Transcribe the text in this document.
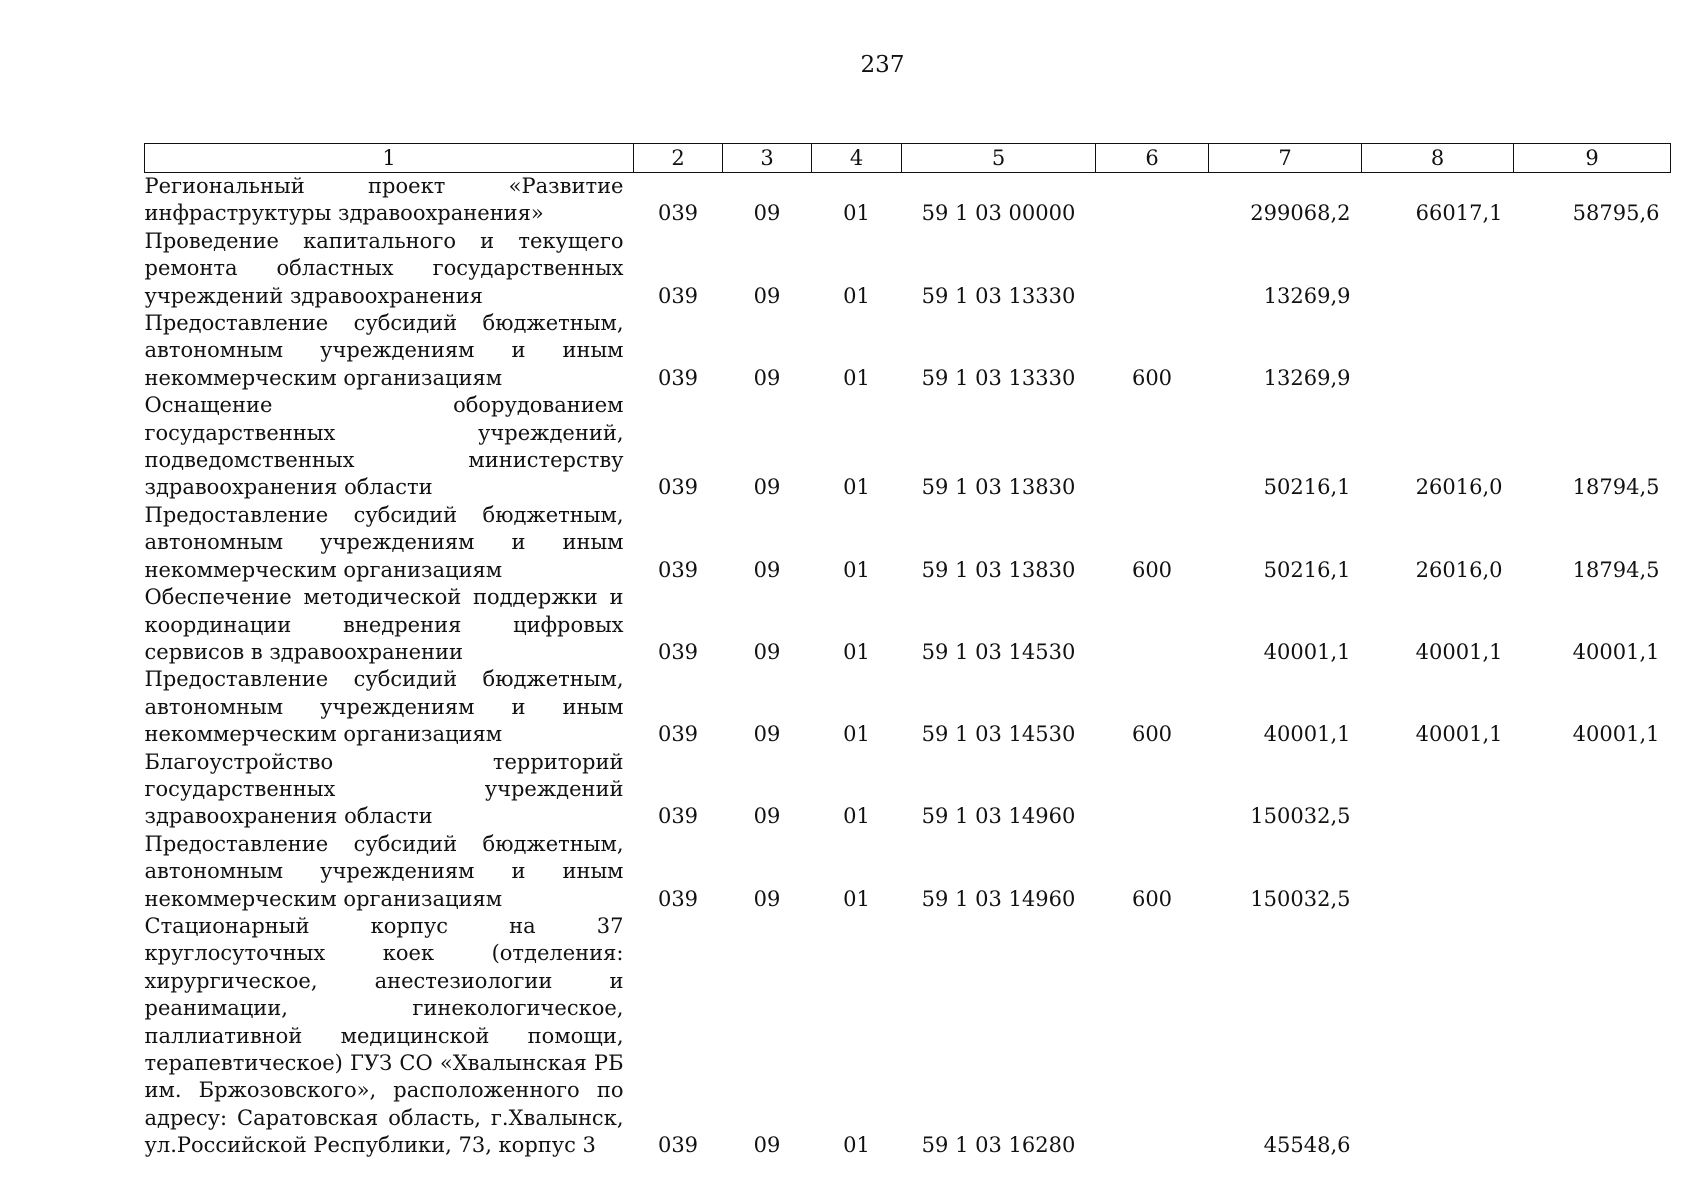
237
1	2	3	4	5	6	7	8	9
Региональный проект «Развитие инфраструктуры здравоохранения»	039	09	01	59 1 03 00000		299068,2	66017,1	58795,6
Проведение капитального и текущего ремонта областных государственных учреждений здравоохранения	039	09	01	59 1 03 13330		13269,9		
Предоставление субсидий бюджетным, автономным учреждениям и иным некоммерческим организациям	039	09	01	59 1 03 13330	600	13269,9		
Оснащение оборудованием государственных учреждений, подведомственных министерству здравоохранения области	039	09	01	59 1 03 13830		50216,1	26016,0	18794,5
Предоставление субсидий бюджетным, автономным учреждениям и иным некоммерческим организациям	039	09	01	59 1 03 13830	600	50216,1	26016,0	18794,5
Обеспечение методической поддержки и координации внедрения цифровых сервисов в здравоохранении	039	09	01	59 1 03 14530		40001,1	40001,1	40001,1
Предоставление субсидий бюджетным, автономным учреждениям и иным некоммерческим организациям	039	09	01	59 1 03 14530	600	40001,1	40001,1	40001,1
Благоустройство территорий государственных учреждений здравоохранения области	039	09	01	59 1 03 14960		150032,5		
Предоставление субсидий бюджетным, автономным учреждениям и иным некоммерческим организациям	039	09	01	59 1 03 14960	600	150032,5		
Стационарный корпус на 37 круглосуточных коек (отделения: хирургическое, анестезиологии и реанимации, гинекологическое, паллиативной медицинской помощи, терапевтическое) ГУЗ СО «Хвалынская РБ им. Бржозовского», расположенного по адресу: Саратовская область, г.Хвалынск, ул.Российской Республики, 73, корпус 3	039	09	01	59 1 03 16280		45548,6		
